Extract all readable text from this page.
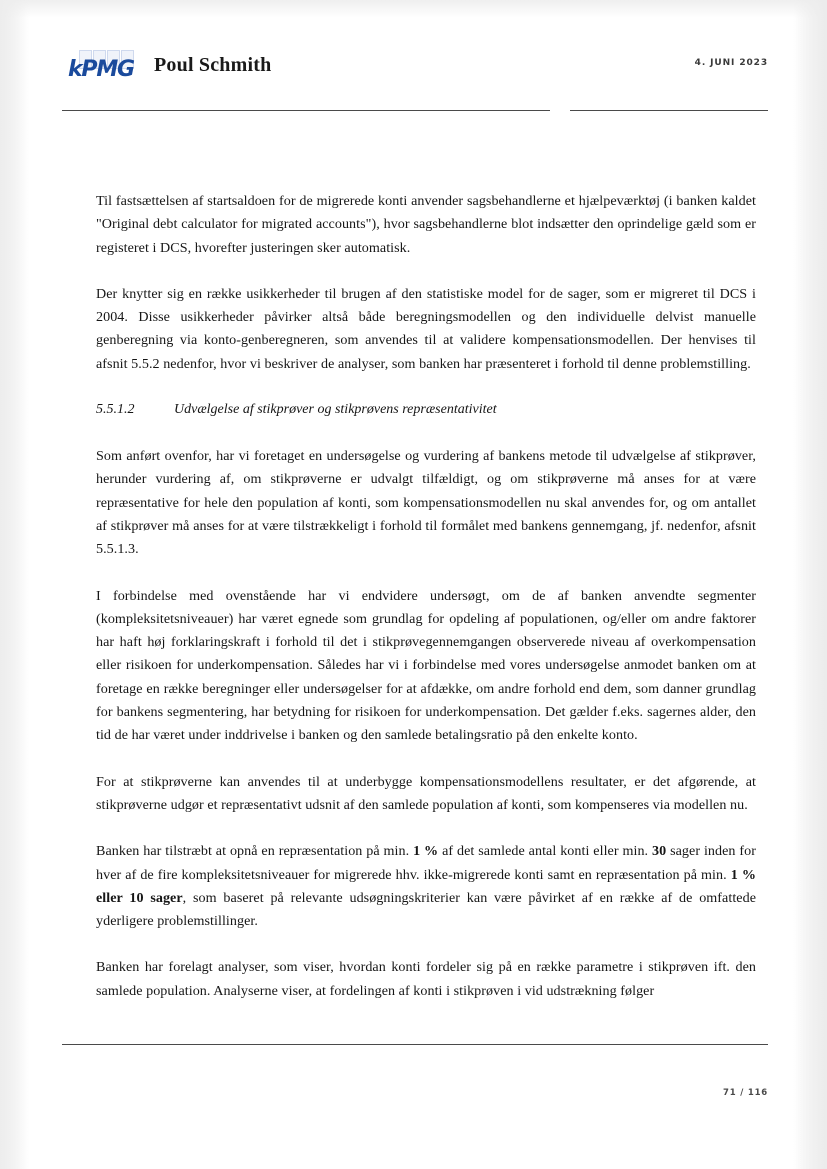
kPMG	Poul Schmith	4. JUNI 2023

Til fastsættelsen af startsaldoen for de migrerede konti anvender sagsbehandlerne et hjælpeværktøj (i banken kaldet "Original debt calculator for migrated accounts"), hvor sagsbehandlerne blot indsætter den oprindelige gæld som er registeret i DCS, hvorefter justeringen sker automatisk.

Der knytter sig en række usikkerheder til brugen af den statistiske model for de sager, som er migreret til DCS i 2004. Disse usikkerheder påvirker altså både beregningsmodellen og den individuelle delvist manuelle genberegning via konto-genberegneren, som anvendes til at validere kompensationsmodellen. Der henvises til afsnit 5.5.2 nedenfor, hvor vi beskriver de analyser, som banken har præsenteret i forhold til denne problemstilling.

5.5.1.2	Udvælgelse af stikprøver og stikprøvens repræsentativitet

Som anført ovenfor, har vi foretaget en undersøgelse og vurdering af bankens metode til udvælgelse af stikprøver, herunder vurdering af, om stikprøverne er udvalgt tilfældigt, og om stikprøverne må anses for at være repræsentative for hele den population af konti, som kompensationsmodellen nu skal anvendes for, og om antallet af stikprøver må anses for at være tilstrækkeligt i forhold til formålet med bankens gennemgang, jf. nedenfor, afsnit 5.5.1.3.

I forbindelse med ovenstående har vi endvidere undersøgt, om de af banken anvendte segmenter (kompleksitetsniveauer) har været egnede som grundlag for opdeling af populationen, og/eller om andre faktorer har haft høj forklaringskraft i forhold til det i stikprøvegennemgangen observerede niveau af overkompensation eller risikoen for underkompensation. Således har vi i forbindelse med vores undersøgelse anmodet banken om at foretage en række beregninger eller undersøgelser for at afdække, om andre forhold end dem, som danner grundlag for bankens segmentering, har betydning for risikoen for underkompensation. Det gælder f.eks. sagernes alder, den tid de har været under inddrivelse i banken og den samlede betalingsratio på den enkelte konto.

For at stikprøverne kan anvendes til at underbygge kompensationsmodellens resultater, er det afgørende, at stikprøverne udgør et repræsentativt udsnit af den samlede population af konti, som kompenseres via modellen nu.

Banken har tilstræbt at opnå en repræsentation på min. 1 % af det samlede antal konti eller min. 30 sager inden for hver af de fire kompleksitetsniveauer for migrerede hhv. ikke-migrerede konti samt en repræsentation på min. 1 % eller 10 sager, som baseret på relevante udsøgningskriterier kan være påvirket af en række af de omfattede yderligere problemstillinger.

Banken har forelagt analyser, som viser, hvordan konti fordeler sig på en række parametre i stikprøven ift. den samlede population. Analyserne viser, at fordelingen af konti i stikprøven i vid udstrækning følger

71 / 116
